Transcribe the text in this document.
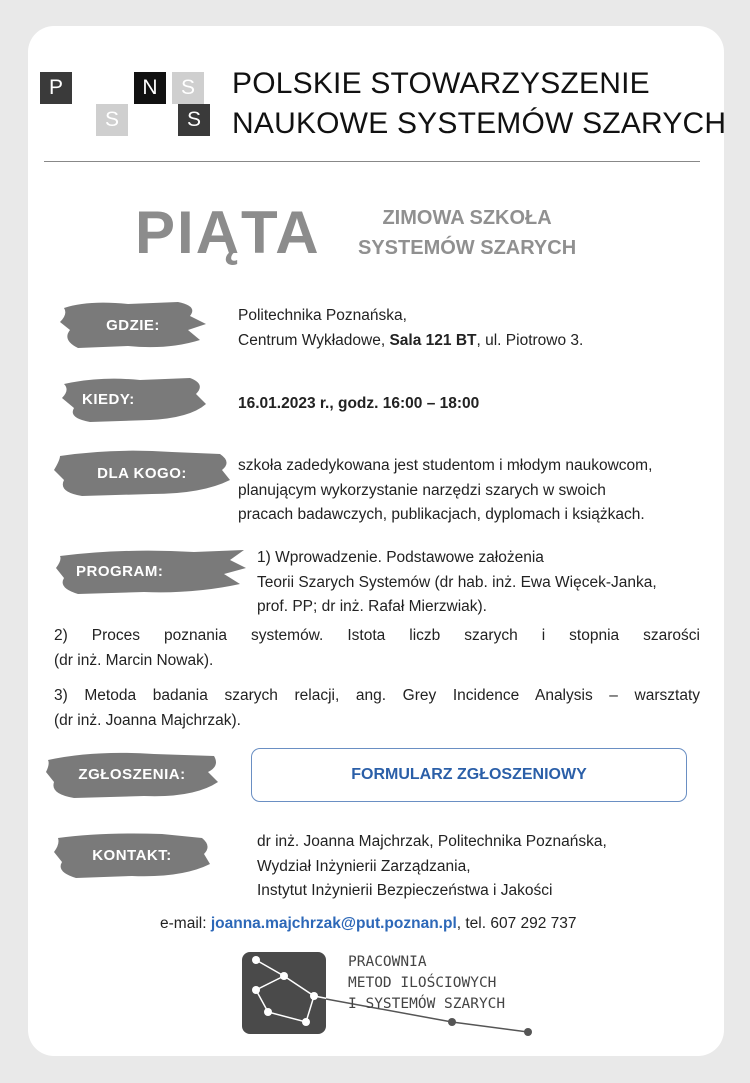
P	N	S
S	S
POLSKIE STOWARZYSZENIE
NAUKOWE SYSTEMÓW SZARYCH
PIĄTA	ZIMOWA SZKOŁA
SYSTEMÓW SZARYCH
GDZIE:
Politechnika Poznańska,
Centrum Wykładowe, Sala 121 BT, ul. Piotrowo 3.
KIEDY:	16.01.2023 r., godz. 16:00 – 18:00
DLA KOGO:	szkoła zadedykowana jest studentom i młodym naukowcom,
planującym wykorzystanie narzędzi szarych w swoich
pracach badawczych, publikacjach, dyplomach i książkach.
PROGRAM:
1) Wprowadzenie. Podstawowe założenia
Teorii Szarych Systemów (dr hab. inż. Ewa Więcek-Janka,
prof. PP; dr inż. Rafał Mierzwiak).
2) Proces poznania systemów. Istota liczb szarych i stopnia szarości
(dr inż. Marcin Nowak).
3) Metoda badania szarych relacji, ang. Grey Incidence Analysis – warsztaty
(dr inż. Joanna Majchrzak).
ZGŁOSZENIA:	FORMULARZ ZGŁOSZENIOWY
KONTAKT:
dr inż. Joanna Majchrzak, Politechnika Poznańska,
Wydział Inżynierii Zarządzania,
Instytut Inżynierii Bezpieczeństwa i Jakości
e-mail: joanna.majchrzak@put.poznan.pl, tel. 607 292 737
PRACOWNIA
METOD ILOŚCIOWYCH
I SYSTEMÓW SZARYCH
